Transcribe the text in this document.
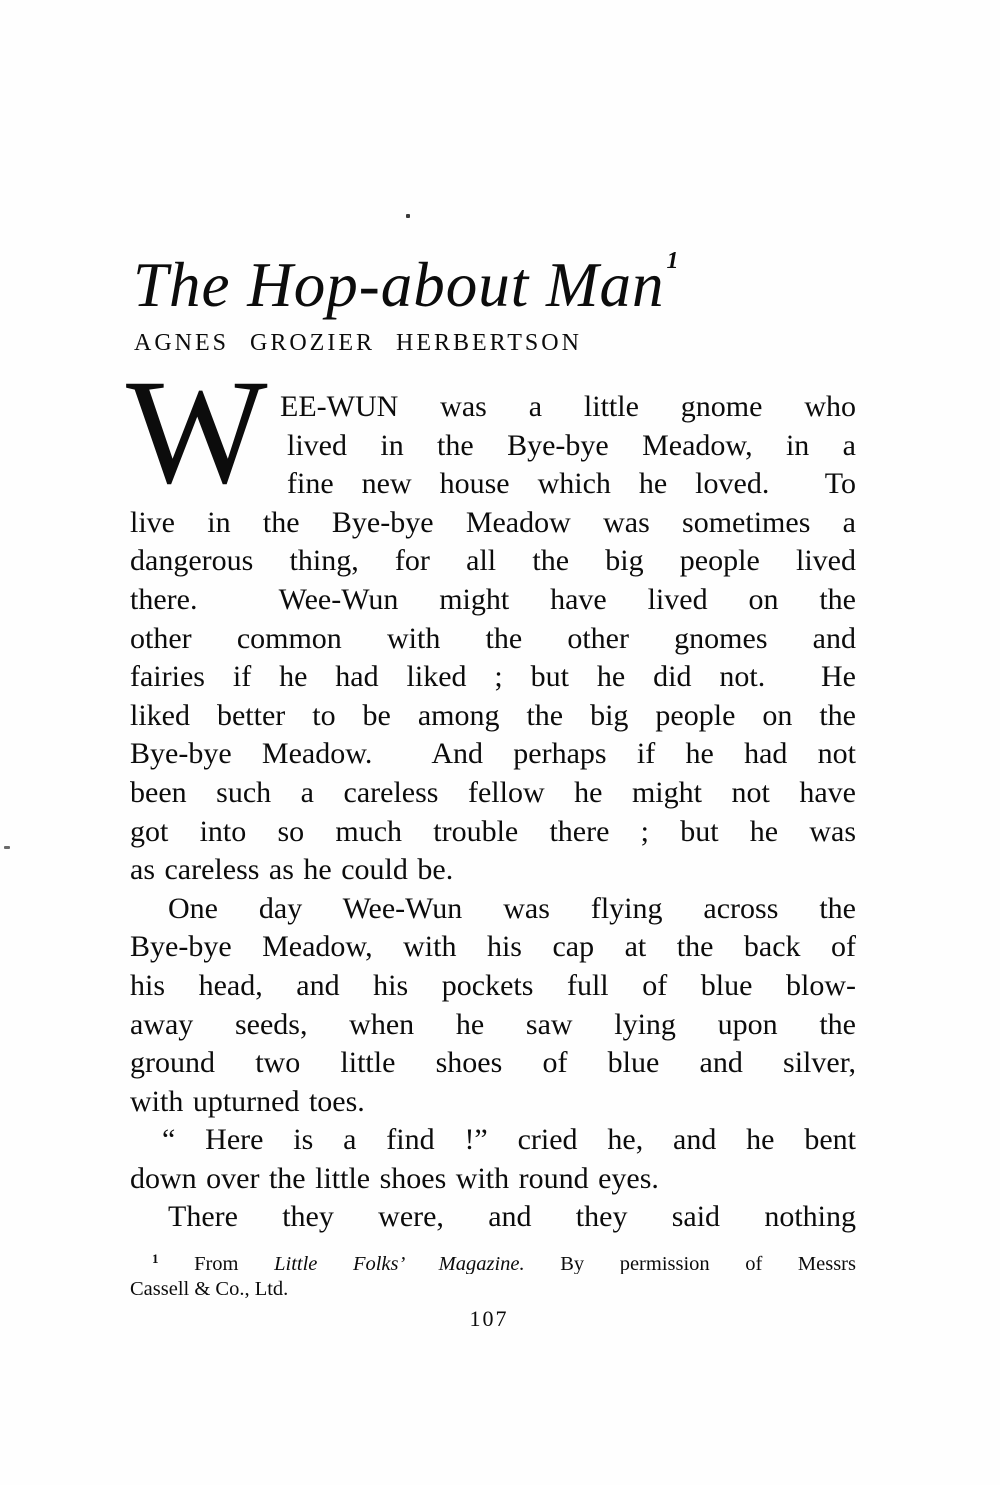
The Hop-about Man$^1$
AGNES GROZIER HERBERTSON
W EE-WUN was a little gnome who
lived in the Bye-bye Meadow, in a
fine new house which he loved.  To
live in the Bye-bye Meadow was sometimes a
dangerous thing, for all the big people lived
there.  Wee-Wun might have lived on the
other common with the other gnomes and
fairies if he had liked ; but he did not.  He
liked better to be among the big people on the
Bye-bye Meadow.  And perhaps if he had not
been such a careless fellow he might not have
got into so much trouble there ; but he was
as careless as he could be.
One day Wee-Wun was flying across the
Bye-bye Meadow, with his cap at the back of
his head, and his pockets full of blue blow-
away seeds, when he saw lying upon the
ground two little shoes of blue and silver,
with upturned toes.
“ Here is a find !” cried he, and he bent
down over the little shoes with round eyes.
There they were, and they said nothing
$^1$ From Little Folks’ Magazine. By permission of Messrs
Cassell & Co., Ltd.
107
